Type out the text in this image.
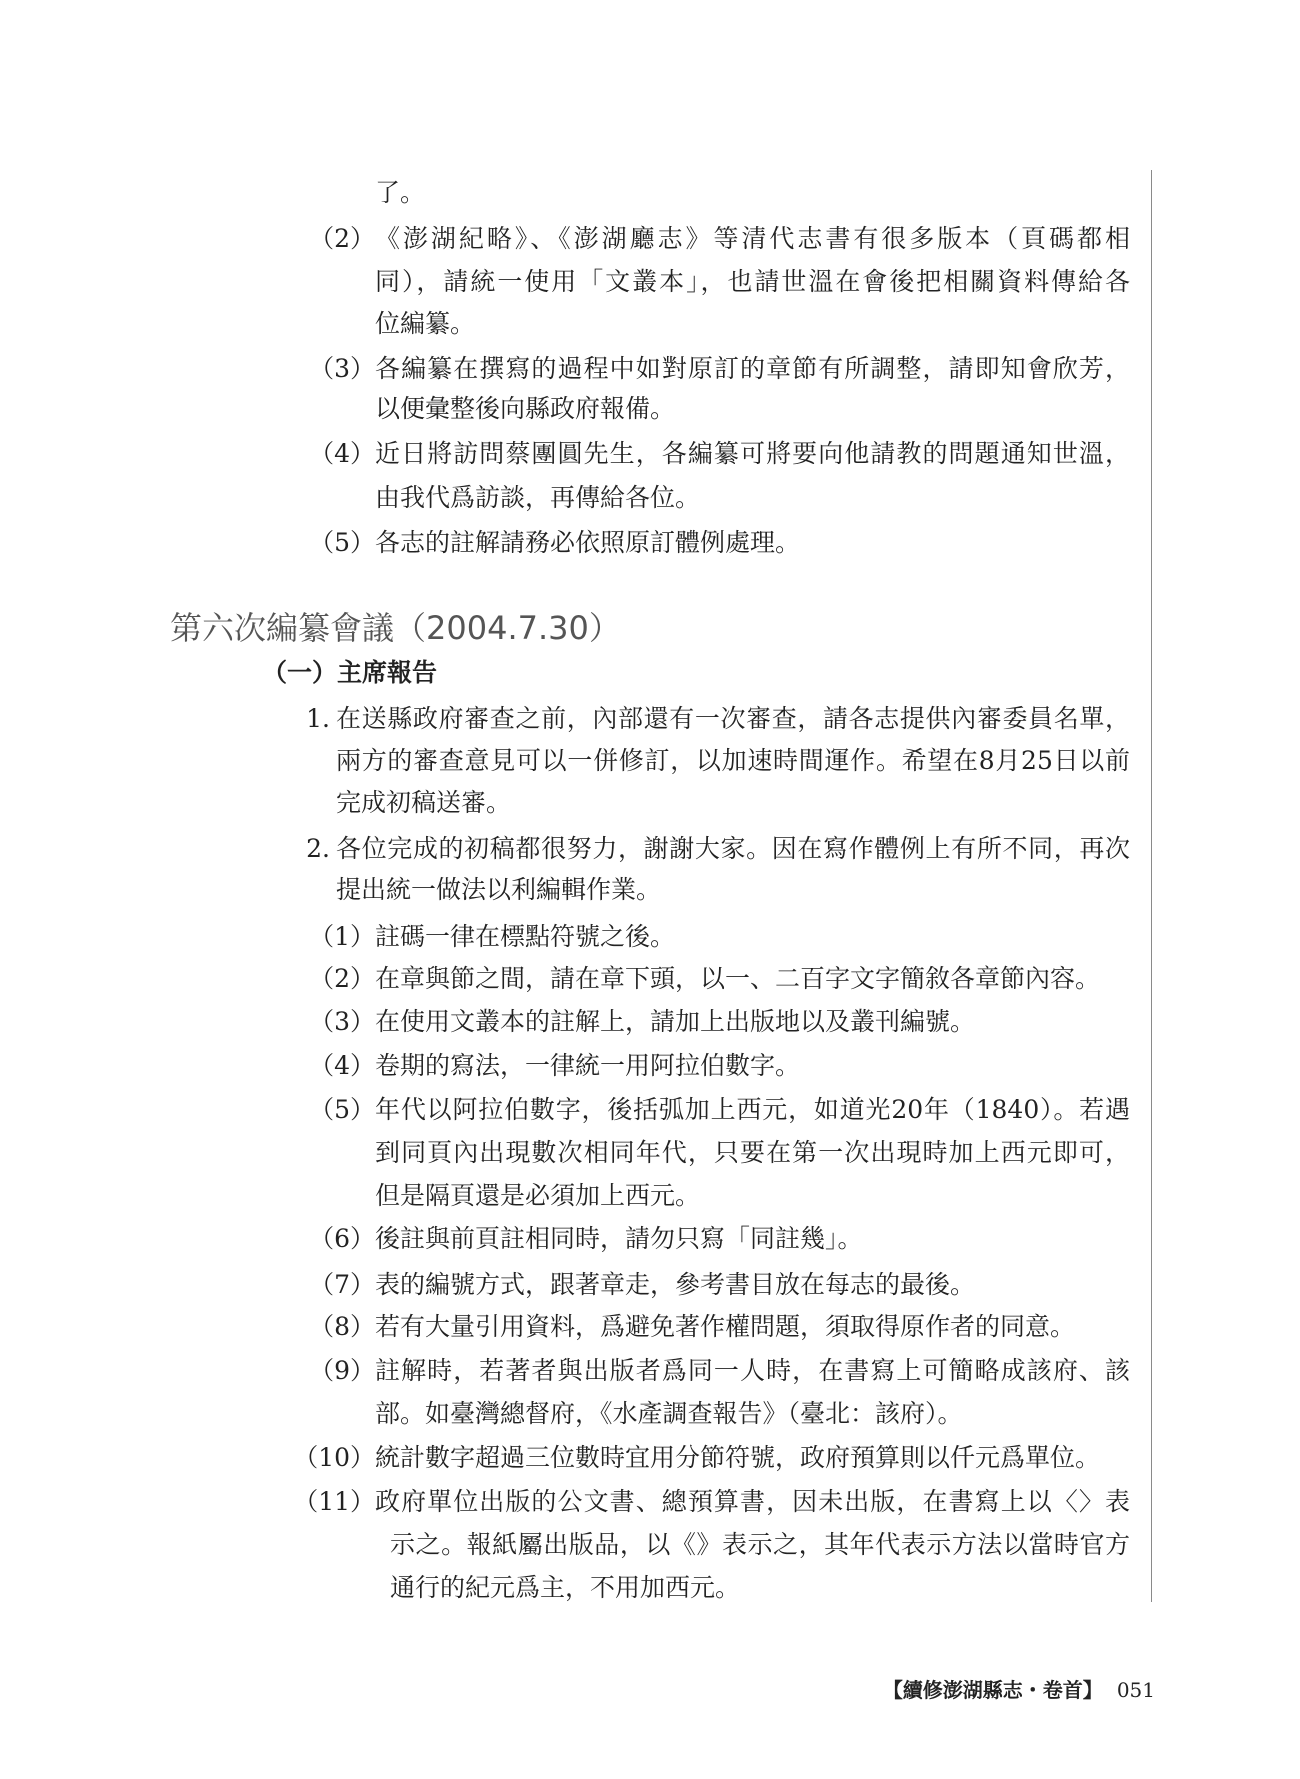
了。
（2） 《澎湖紀略》、《澎湖廳志》等清代志書有很多版本（頁碼都相
同），請統一使用「文叢本」，也請世溫在會後把相關資料傳給各
位編纂。
（3） 各編纂在撰寫的過程中如對原訂的章節有所調整，請即知會欣芳，
以便彙整後向縣政府報備。
（4） 近日將訪問蔡團圓先生，各編纂可將要向他請教的問題通知世溫，
由我代爲訪談，再傳給各位。
（5） 各志的註解請務必依照原訂體例處理。
第六次編纂會議（2004.7.30）
（一）主席報告
1. 在送縣政府審查之前，內部還有一次審查，請各志提供內審委員名單，
兩方的審查意見可以一併修訂，以加速時間運作。希望在8月25日以前
完成初稿送審。
2. 各位完成的初稿都很努力，謝謝大家。因在寫作體例上有所不同，再次
提出統一做法以利編輯作業。
（1） 註碼一律在標點符號之後。
（2） 在章與節之間，請在章下頭，以一、二百字文字簡敘各章節內容。
（3） 在使用文叢本的註解上，請加上出版地以及叢刊編號。
（4） 卷期的寫法，一律統一用阿拉伯數字。
（5） 年代以阿拉伯數字，後括弧加上西元，如道光20年（1840）。若遇
到同頁內出現數次相同年代，只要在第一次出現時加上西元即可，
但是隔頁還是必須加上西元。
（6） 後註與前頁註相同時，請勿只寫「同註幾」。
（7） 表的編號方式，跟著章走，參考書目放在每志的最後。
（8） 若有大量引用資料，爲避免著作權問題，須取得原作者的同意。
（9） 註解時，若著者與出版者爲同一人時，在書寫上可簡略成該府、該
部。如臺灣總督府，《水產調查報告》（臺北：該府）。
（10） 統計數字超過三位數時宜用分節符號，政府預算則以仟元爲單位。
（11） 政府單位出版的公文書、總預算書，因未出版，在書寫上以〈〉表
示之。報紙屬出版品，以《》表示之，其年代表示方法以當時官方
通行的紀元爲主，不用加西元。
【續修澎湖縣志・卷首】 051
